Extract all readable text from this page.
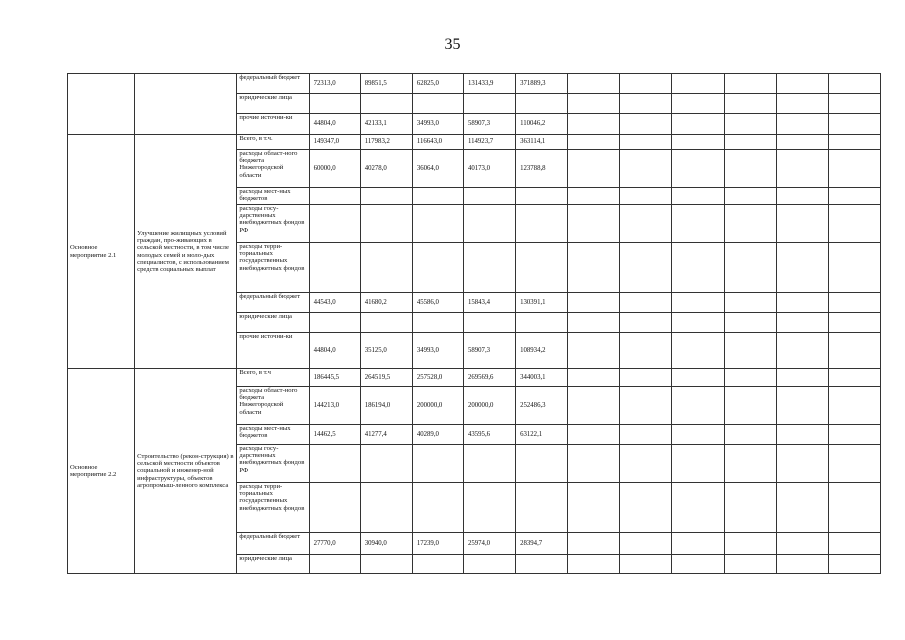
35
		федеральный бюджет	72313,0	89851,5	62825,0	131433,9	371889,3						
		юридические лица											
		прочие источни-ки	44804,0	42133,1	34993,0	58907,3	110046,2						
Основное мероприятие 2.1	Улучшение жилищных условий граждан, про-живающих в сельской местности, в том числе молодых семей и моло-дых специалистов, с использованием средств социальных выплат	Всего, в т.ч.	149347,0	117983,2	116643,0	114923,7	363114,1						
		расходы област-ного бюджета Нижегородской области	60000,0	40278,0	36064,0	40173,0	123788,8						
		расходы мест-ных бюджетов											
		расходы госу-дарственных внебюджетных фондов РФ											
		расходы терри-ториальных государственных внебюджетных фондов											
		федеральный бюджет	44543,0	41680,2	45586,0	15843,4	130391,1						
		юридические лица											
		прочие источни-ки	44804,0	35125,0	34993,0	58907,3	108934,2						
Основное мероприятие 2.2	Строительство (рекон-струкция) в сельской местности объектов социальной и инженер-ной инфраструктуры, объектов агропромыш-ленного комплекса	Всего, в т.ч	186445,5	264519,5	257528,0	269569,6	344003,1						
		расходы област-ного бюджета Нижегородской области	144213,0	186194,0	200000,0	200000,0	252486,3						
		расходы мест-ных бюджетов	14462,5	41277,4	40289,0	43595,6	63122,1						
		расходы госу-дарственных внебюджетных фондов РФ											
		расходы терри-ториальных государственных внебюджетных фондов											
		федеральный бюджет	27770,0	30940,0	17239,0	25974,0	28394,7						
		юридические лица											
